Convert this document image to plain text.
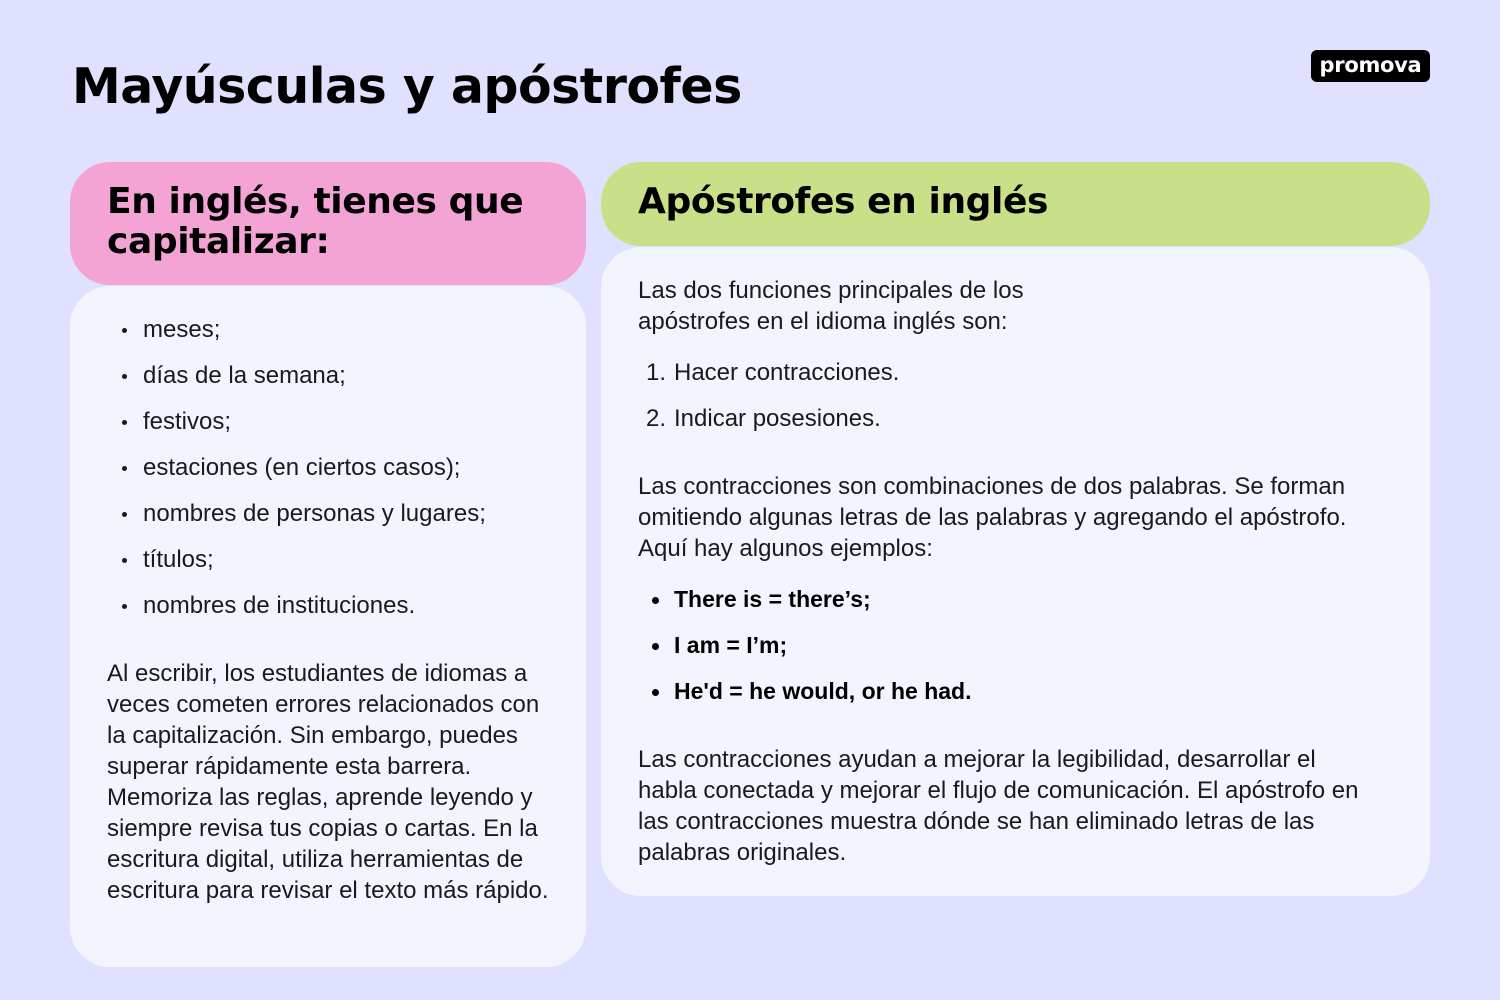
Mayúsculas y apóstrofes	promova
En inglés, tienes que capitalizar:
meses;
días de la semana;
festivos;
estaciones (en ciertos casos);
nombres de personas y lugares;
títulos;
nombres de instituciones.

Al escribir, los estudiantes de idiomas a veces cometen errores relacionados con la capitalización. Sin embargo, puedes superar rápidamente esta barrera. Memoriza las reglas, aprende leyendo y siempre revisa tus copias o cartas. En la escritura digital, utiliza herramientas de escritura para revisar el texto más rápido.

Apóstrofes en inglés

Las dos funciones principales de los
apóstrofes en el idioma inglés son:

1. Hacer contracciones.
2. Indicar posesiones.

Las contracciones son combinaciones de dos palabras. Se forman omitiendo algunas letras de las palabras y agregando el apóstrofo. Aquí hay algunos ejemplos:

There is = there’s;
I am = I’m;
He'd = he would, or he had.

Las contracciones ayudan a mejorar la legibilidad, desarrollar el habla conectada y mejorar el flujo de comunicación. El apóstrofo en las contracciones muestra dónde se han eliminado letras de las palabras originales.
